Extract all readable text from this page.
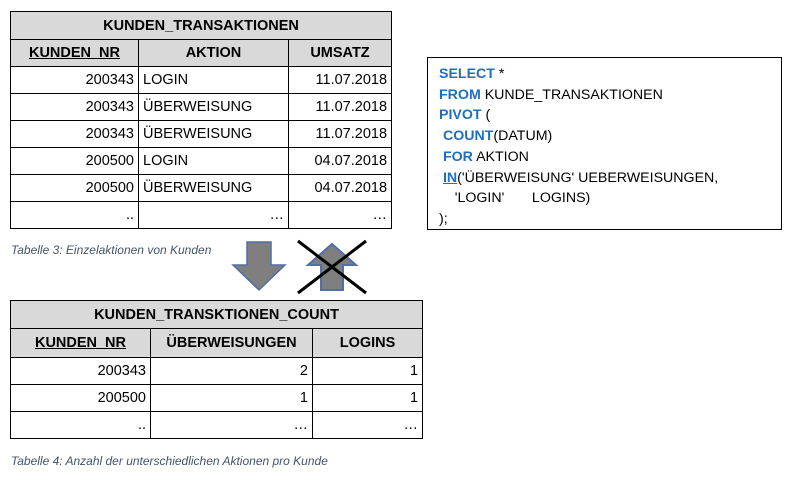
KUNDEN_TRANSAKTIONEN		
KUNDEN_NR	AKTION	UMSATZ
200343	LOGIN	11.07.2018
200343	ÜBERWEISUNG	11.07.2018
200343	ÜBERWEISUNG	11.07.2018
200500	LOGIN	04.07.2018
200500	ÜBERWEISUNG	04.07.2018
..	…	…
Tabelle 3: Einzelaktionen von Kunden
SELECT *
FROM KUNDE_TRANSAKTIONEN
PIVOT (
COUNT(DATUM)
FOR AKTION
IN('ÜBERWEISUNG' UEBERWEISUNGEN,
'LOGIN'       LOGINS)
);
KUNDEN_TRANSKTIONEN_COUNT		
KUNDEN_NR	ÜBERWEISUNGEN	LOGINS
200343	2	1
200500	1	1
..	…	…
Tabelle 4: Anzahl der unterschiedlichen Aktionen pro Kunde
